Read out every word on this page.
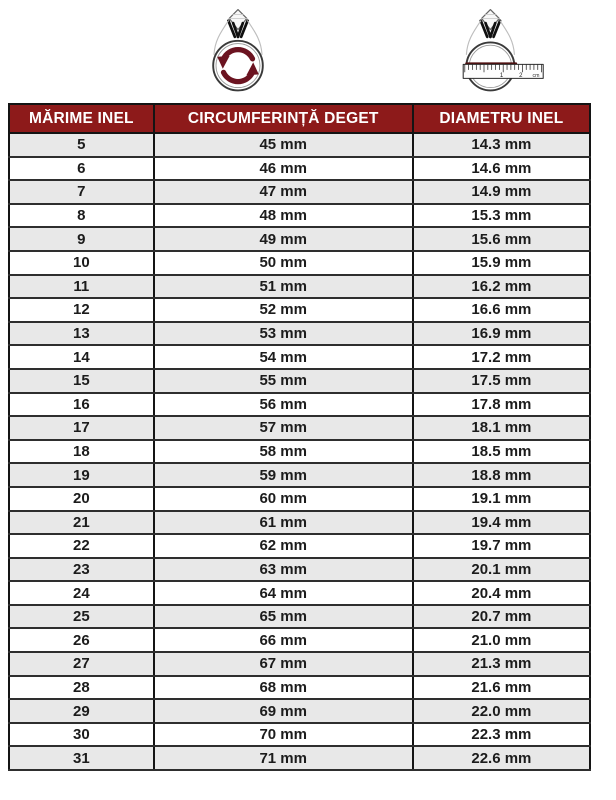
1 2 cm
MĂRIME INEL	CIRCUMFERINȚĂ DEGET	DIAMETRU INEL
5	45 mm	14.3 mm
6	46 mm	14.6 mm
7	47 mm	14.9 mm
8	48 mm	15.3 mm
9	49 mm	15.6 mm
10	50 mm	15.9 mm
11	51 mm	16.2 mm
12	52 mm	16.6 mm
13	53 mm	16.9 mm
14	54 mm	17.2 mm
15	55 mm	17.5 mm
16	56 mm	17.8 mm
17	57 mm	18.1 mm
18	58 mm	18.5 mm
19	59 mm	18.8 mm
20	60 mm	19.1 mm
21	61 mm	19.4 mm
22	62 mm	19.7 mm
23	63 mm	20.1 mm
24	64 mm	20.4 mm
25	65 mm	20.7 mm
26	66 mm	21.0 mm
27	67 mm	21.3 mm
28	68 mm	21.6 mm
29	69 mm	22.0 mm
30	70 mm	22.3 mm
31	71 mm	22.6 mm
